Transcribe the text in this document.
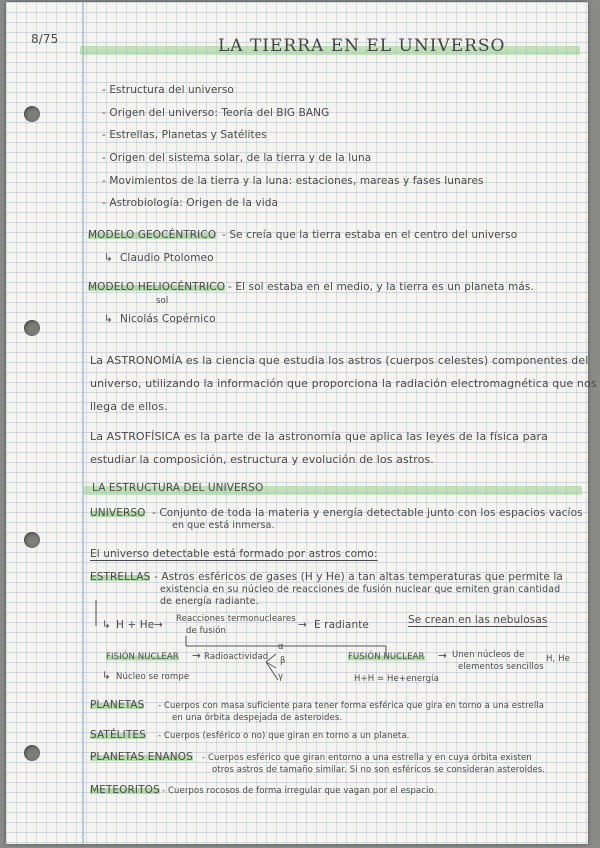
8/75	LA TIERRA EN EL UNIVERSO
- Estructura del universo
- Origen del universo: Teoría del BIG BANG
- Estrellas, Planetas y Satélites
- Origen del sistema solar, de la tierra y de la luna
- Movimientos de la tierra y la luna: estaciones, mareas y fases lunares
- Astrobiología: Origen de la vida
MODELO GEOCÉNTRICO - Se creía que la tierra estaba en el centro del universo
↳ Claudio Ptolomeo
MODELO HELIOCÉNTRICO - El sol estaba en el medio, y la tierra es un planeta más.
sol
↳ Nicolás Copérnico
La ASTRONOMÍA es la ciencia que estudia los astros (cuerpos celestes) componentes del
universo, utilizando la información que proporciona la radiación electromagnética que nos
llega de ellos.
La ASTROFÍSICA es la parte de la astronomía que aplica las leyes de la física para
estudiar la composición, estructura y evolución de los astros.
LA ESTRUCTURA DEL UNIVERSO
UNIVERSO - Conjunto de toda la materia y energía detectable junto con los espacios vacíos
en que está inmersa.
El universo detectable está formado por astros como:
ESTRELLAS - Astros esféricos de gases (H y He) a tan altas temperaturas que permite la
existencia en su núcleo de reacciones de fusión nuclear que emiten gran cantidad
de energía radiante.
↳ H + He → Reacciones termonucleares
de fusión	→ E radiante	Se crean en las nebulosas
FISIÓN NUCLEAR → Radioactividad
α
β
γ
↳ Núcleo se rompe
FUSIÓN NUCLEAR → Unen núcleos de
elementos sencillos
H, He
H+H = He+energía
PLANETAS - Cuerpos con masa suficiente para tener forma esférica que gira en torno a una estrella
en una órbita despejada de asteroides.
SATÉLITES - Cuerpos (esférico o no) que giran en torno a un planeta.
PLANETAS ENANOS - Cuerpos esférico que giran entorno a una estrella y en cuya órbita existen
otros astros de tamaño similar. Si no son esféricos se consideran asteroides.
METEORITOS - Cuerpos rocosos de forma irregular que vagan por el espacio.
